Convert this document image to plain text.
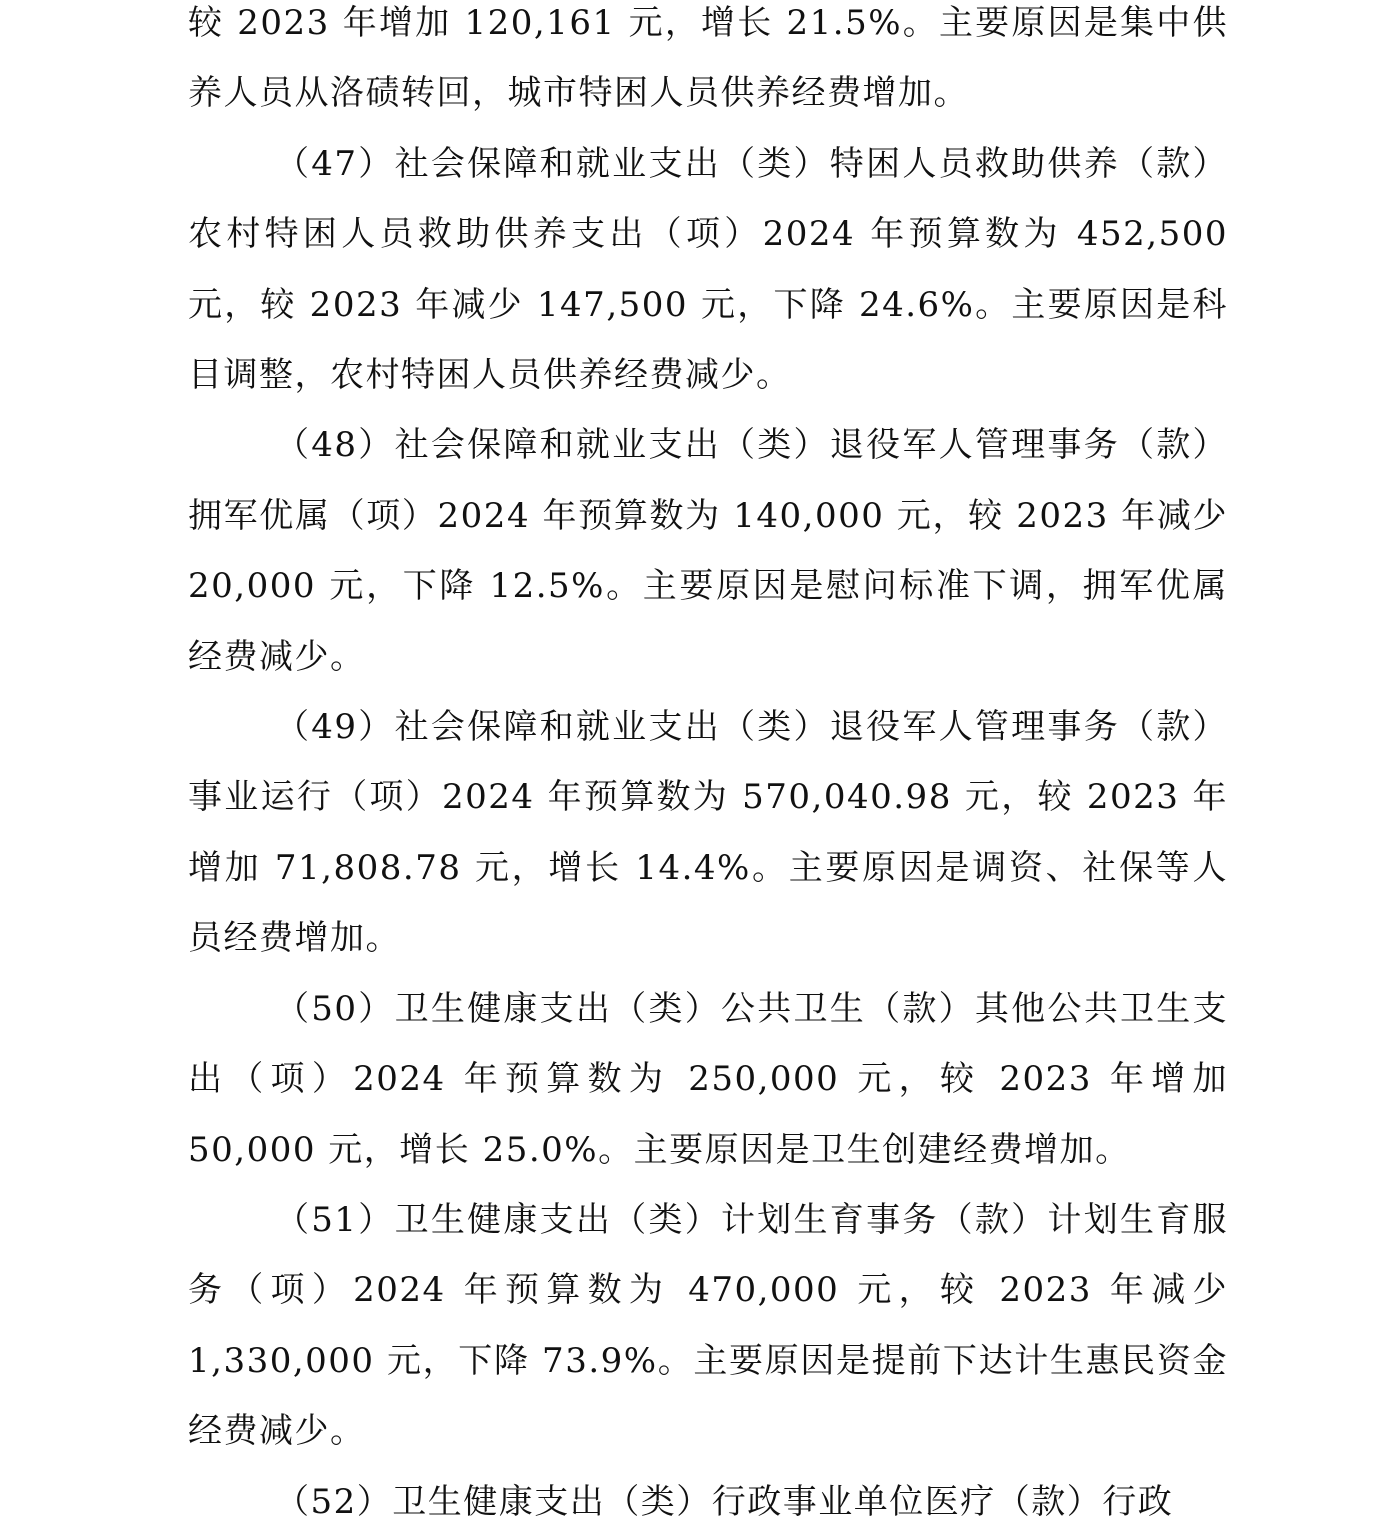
较 2023 年增加 120,161 元，增长 21.5%。主要原因是集中供养人员从洛碛转回，城市特困人员供养经费增加。

（47）社会保障和就业支出（类）特困人员救助供养（款）农村特困人员救助供养支出（项）2024 年预算数为 452,500 元，较 2023 年减少 147,500 元，下降 24.6%。主要原因是科目调整，农村特困人员供养经费减少。

（48）社会保障和就业支出（类）退役军人管理事务（款）拥军优属（项）2024 年预算数为 140,000 元，较 2023 年减少 20,000 元，下降 12.5%。主要原因是慰问标准下调，拥军优属经费减少。

（49）社会保障和就业支出（类）退役军人管理事务（款）事业运行（项）2024 年预算数为 570,040.98 元，较 2023 年增加 71,808.78 元，增长 14.4%。主要原因是调资、社保等人员经费增加。

（50）卫生健康支出（类）公共卫生（款）其他公共卫生支出（项）2024 年预算数为 250,000 元，较 2023 年增加 50,000 元，增长 25.0%。主要原因是卫生创建经费增加。

（51）卫生健康支出（类）计划生育事务（款）计划生育服务（项）2024 年预算数为 470,000 元，较 2023 年减少 1,330,000 元，下降 73.9%。主要原因是提前下达计生惠民资金经费减少。

（52）卫生健康支出（类）行政事业单位医疗（款）行政
